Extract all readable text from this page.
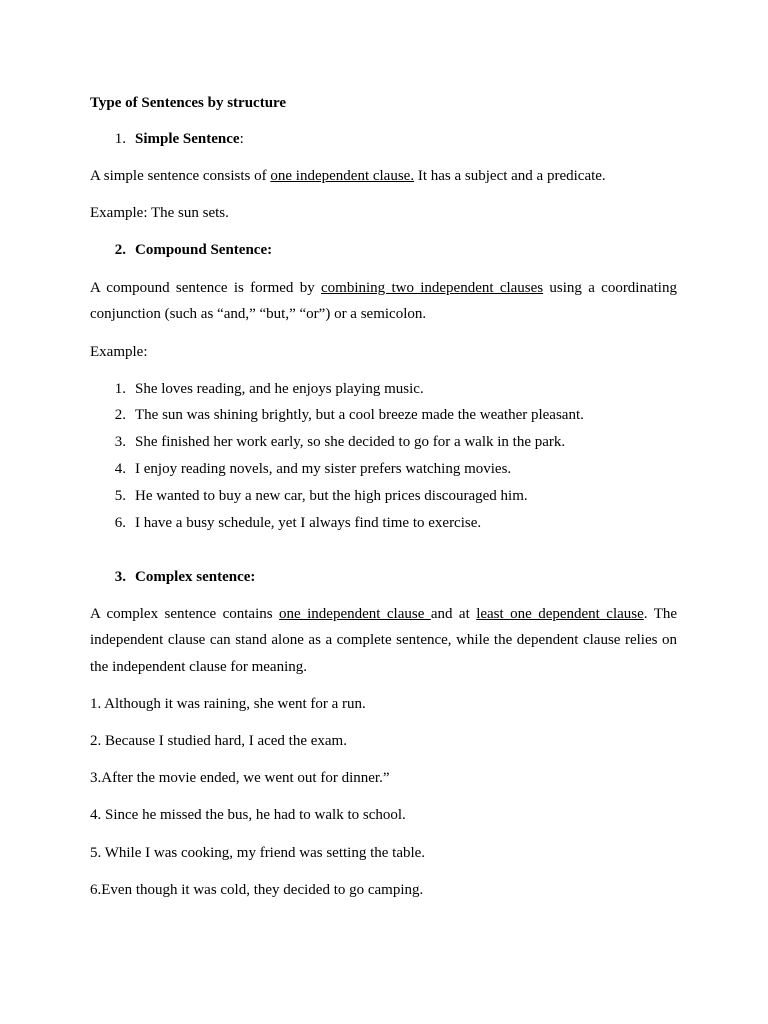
Type of Sentences by structure
1. Simple Sentence:
A simple sentence consists of one independent clause. It has a subject and a predicate.
Example: The sun sets.
2. Compound Sentence:
A compound sentence is formed by combining two independent clauses using a coordinating
conjunction (such as “and,” “but,” “or”) or a semicolon.
Example:
1. She loves reading, and he enjoys playing music.
2. The sun was shining brightly, but a cool breeze made the weather pleasant.
3. She finished her work early, so she decided to go for a walk in the park.
4. I enjoy reading novels, and my sister prefers watching movies.
5. He wanted to buy a new car, but the high prices discouraged him.
6. I have a busy schedule, yet I always find time to exercise.
3. Complex sentence:
A complex sentence contains one independent clause and at least one dependent clause. The
independent clause can stand alone as a complete sentence, while the dependent clause relies on
the independent clause for meaning.
1. Although it was raining, she went for a run.
2. Because I studied hard, I aced the exam.
3.After the movie ended, we went out for dinner.”
4. Since he missed the bus, he had to walk to school.
5. While I was cooking, my friend was setting the table.
6.Even though it was cold, they decided to go camping.
